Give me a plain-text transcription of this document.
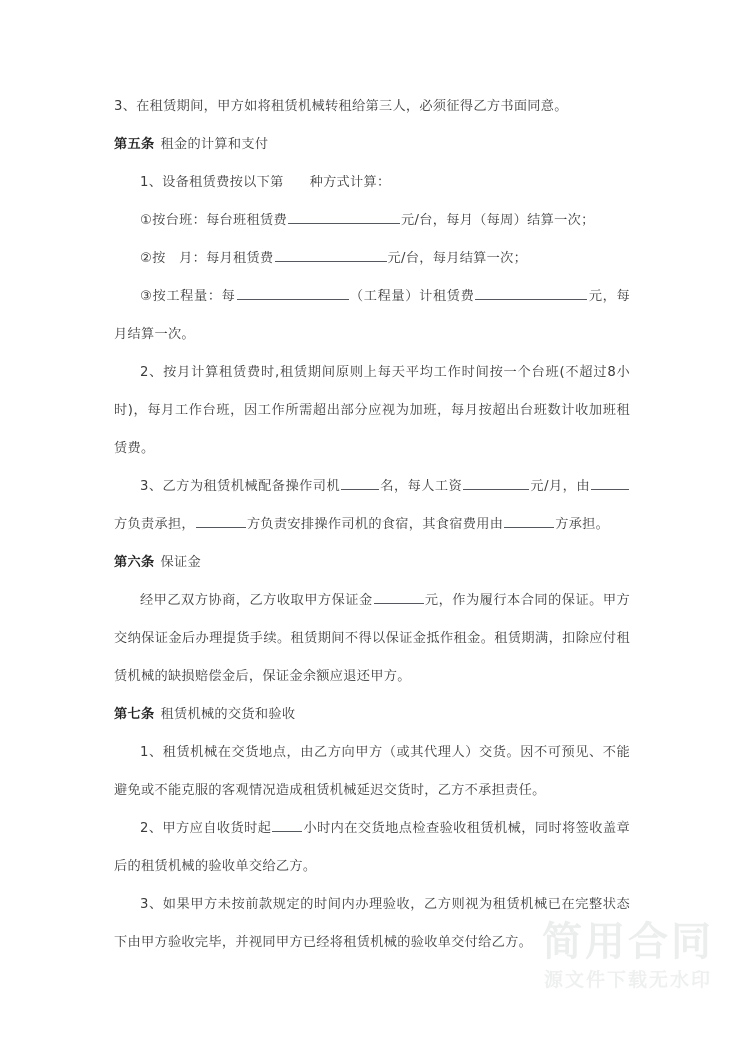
3、在租赁期间，甲方如将租赁机械转租给第三人，必须征得乙方书面同意。

第五条 租金的计算和支付

1、设备租赁费按以下第 种方式计算：

①按台班：每台班租赁费	元/台，每月（每周）结算一次；

②按　月：每月租赁费	元/台，每月结算一次；

③按工程量：每	（工程量）计租赁费	元，每月结算一次。

2、按月计算租赁费时,租赁期间原则上每天平均工作时间按一个台班(不超过8小时)，每月工作台班，因工作所需超出部分应视为加班，每月按超出台班数计收加班租赁费。

3、乙方为租赁机械配备操作司机	名，每人工资	元/月，由方负责承担，	方负责安排操作司机的食宿，其食宿费用由	方承担。

第六条 保证金

经甲乙双方协商，乙方收取甲方保证金	元，作为履行本合同的保证。甲方交纳保证金后办理提货手续。租赁期间不得以保证金抵作租金。租赁期满，扣除应付租赁机械的缺损赔偿金后，保证金余额应退还甲方。

第七条 租赁机械的交货和验收

1、租赁机械在交货地点，由乙方向甲方（或其代理人）交货。因不可预见、不能避免或不能克服的客观情况造成租赁机械延迟交货时，乙方不承担责任。

2、甲方应自收货时起 小时内在交货地点检查验收租赁机械，同时将签收盖章后的租赁机械的验收单交给乙方。

3、如果甲方未按前款规定的时间内办理验收，乙方则视为租赁机械已在完整状态下由甲方验收完毕，并视同甲方已经将租赁机械的验收单交付给乙方。 简用合同
源文件下载无水印
